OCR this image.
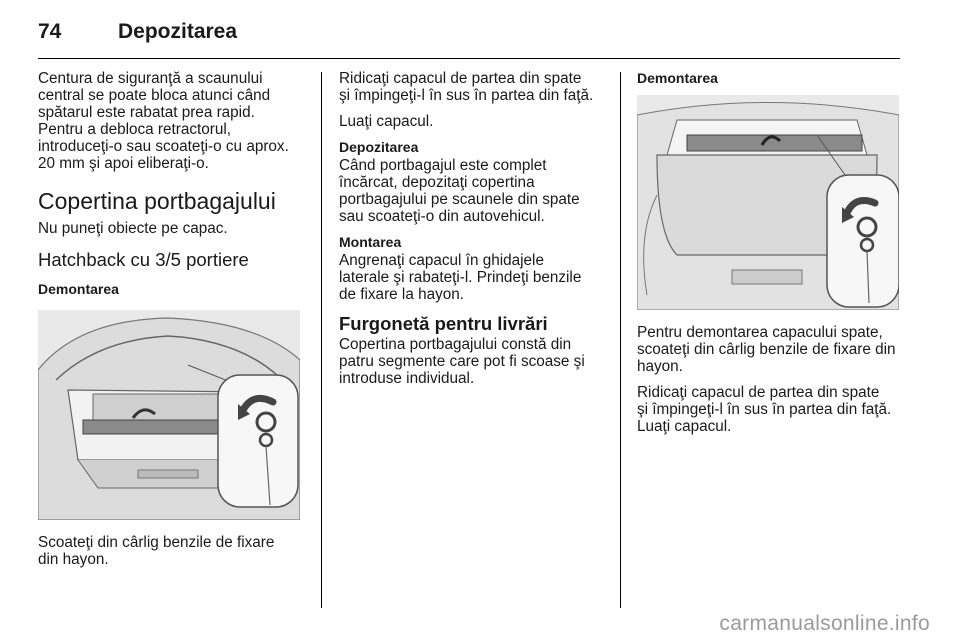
74	Depozitarea

Centura de siguranţă a scaunului
central se poate bloca atunci când
spătarul este rabatat prea rapid.
Pentru a debloca retractorul,
introduceţi-o sau scoateţi-o cu aprox.
20 mm şi apoi eliberaţi-o.

Copertina portbagajului

Nu puneţi obiecte pe capac.

Hatchback cu 3/5 portiere
Demontarea

Scoateţi din cârlig benzile de fixare
din hayon.

Ridicaţi capacul de partea din spate
şi împingeţi-l în sus în partea din faţă.

Luaţi capacul.

Depozitarea

Când portbagajul este complet
încărcat, depozitaţi copertina
portbagajului pe scaunele din spate
sau scoateţi-o din autovehicul.

Montarea

Angrenaţi capacul în ghidajele
laterale şi rabateţi-l. Prindeţi benzile
de fixare la hayon.

Furgonetă pentru livrări

Copertina portbagajului constă din
patru segmente care pot fi scoase şi
introduse individual.

Demontarea

Pentru demontarea capacului spate,
scoateţi din cârlig benzile de fixare din
hayon.

Ridicaţi capacul de partea din spate
şi împingeţi-l în sus în partea din faţă.
Luaţi capacul.

carmanualsonline.info
